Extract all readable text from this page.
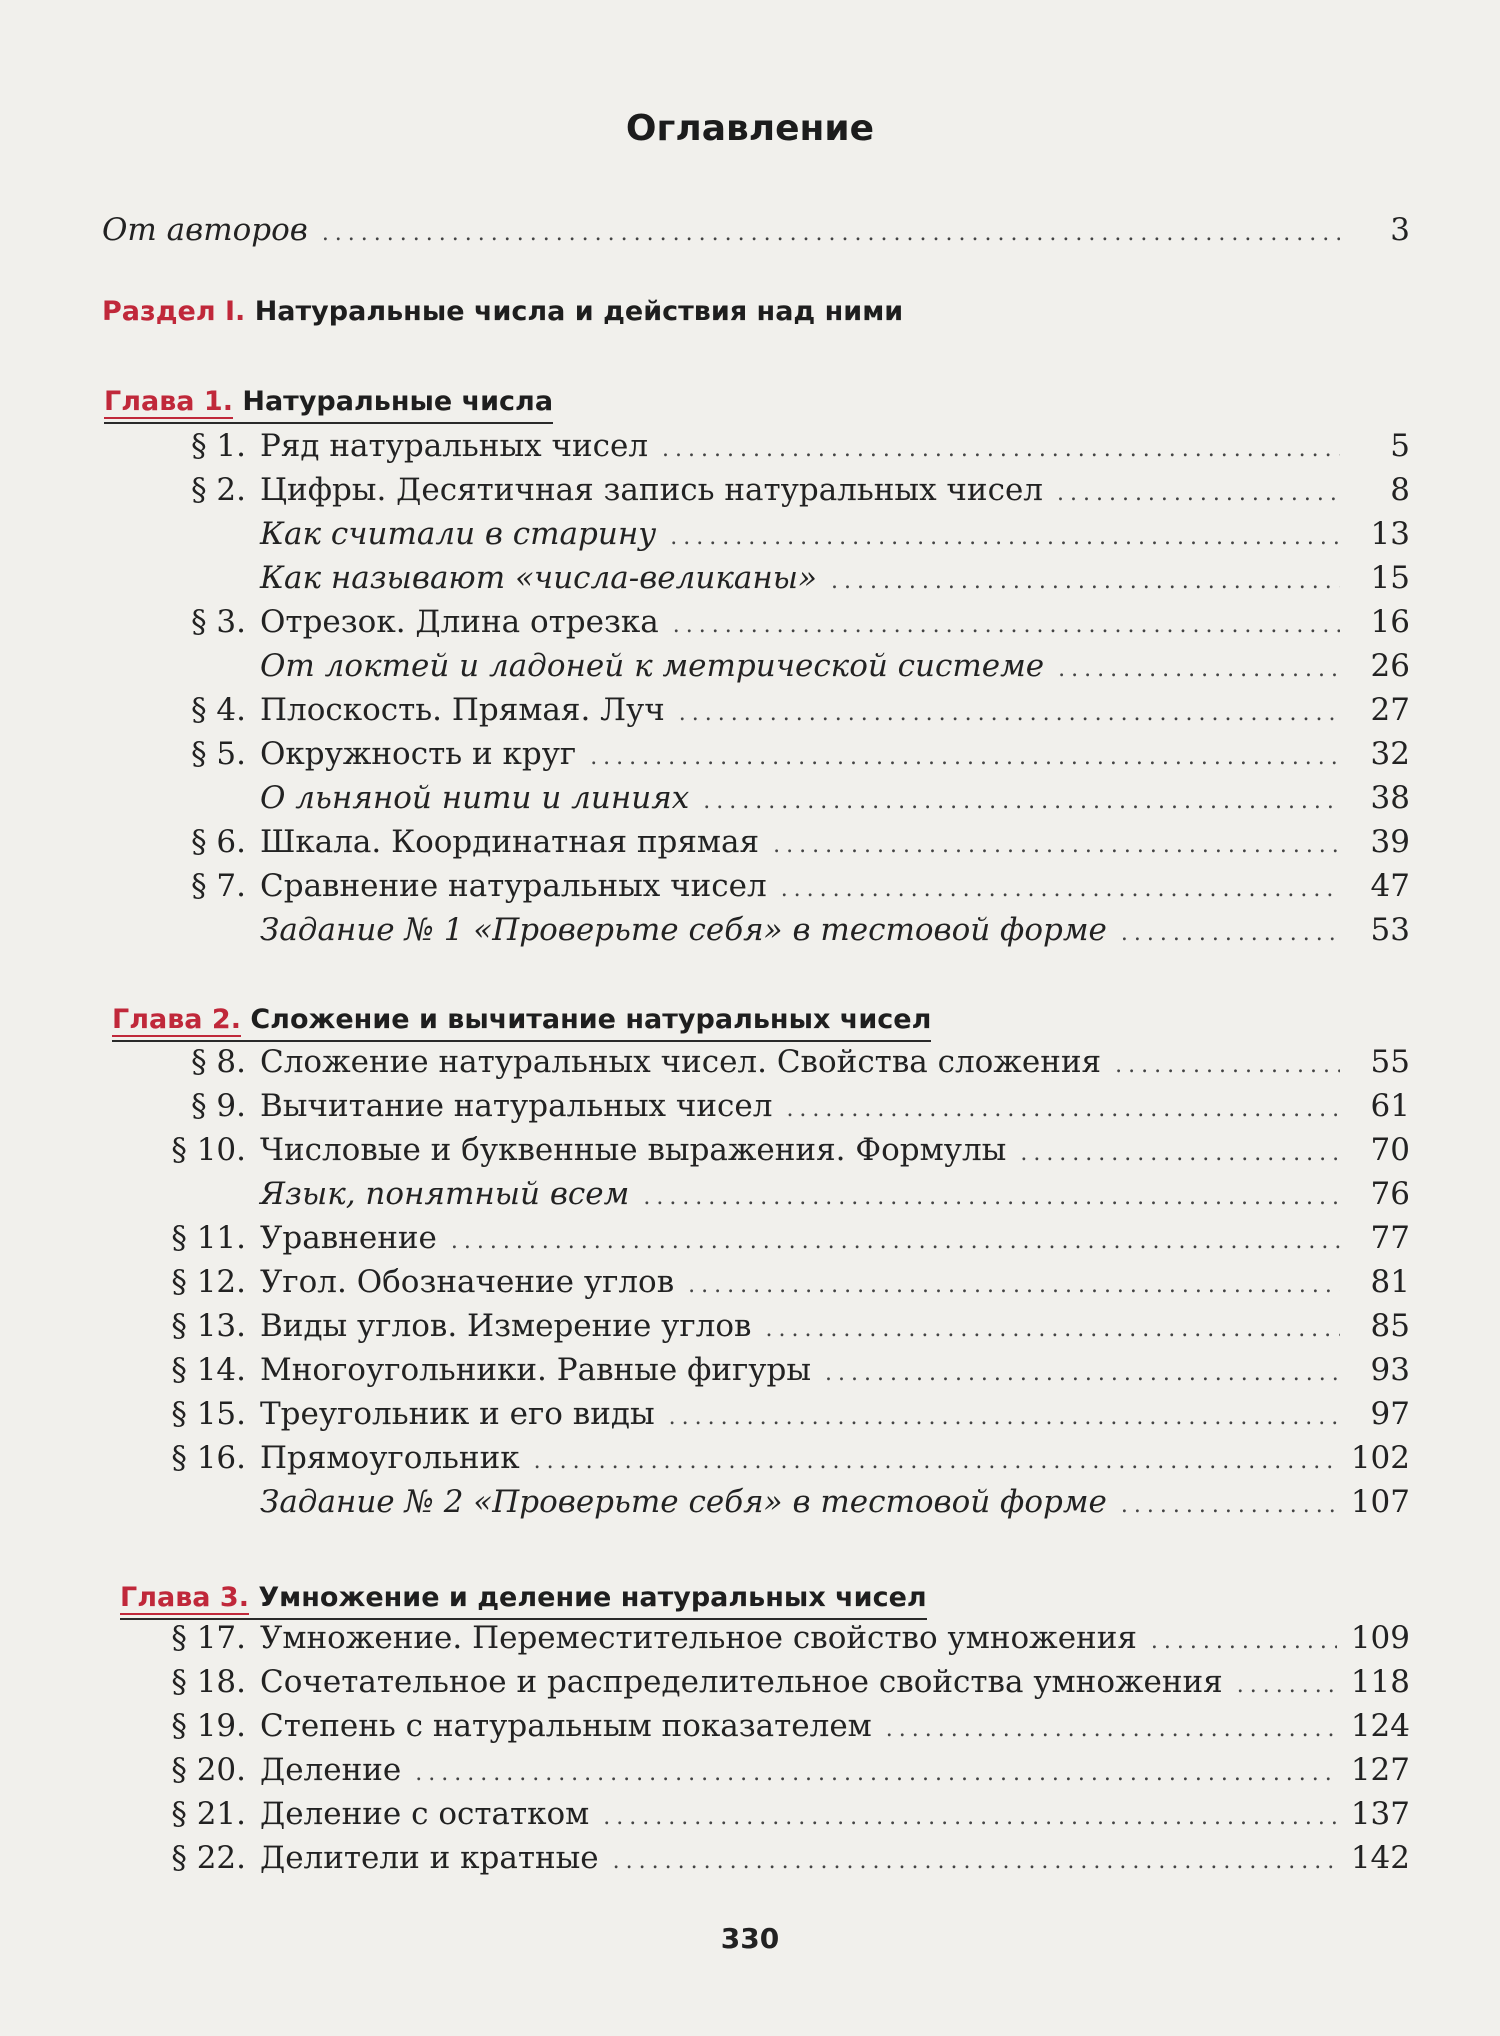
Оглавление
От авторов .....	3
Раздел I. Натуральные числа и действия над ними
Глава 1. Натуральные числа
§ 1. Ряд натуральных чисел .....	5
§ 2. Цифры. Десятичная запись натуральных чисел .....	8
Как считали в старину .....	13
Как называют «числа-великаны» .....	15
§ 3. Отрезок. Длина отрезка .....	16
От локтей и ладоней к метрической системе .....	26
§ 4. Плоскость. Прямая. Луч .....	27
§ 5. Окружность и круг .....	32
О льняной нити и линиях .....	38
§ 6. Шкала. Координатная прямая .....	39
§ 7. Сравнение натуральных чисел .....	47
Задание № 1 «Проверьте себя» в тестовой форме .....	53
Глава 2. Сложение и вычитание натуральных чисел
§ 8. Сложение натуральных чисел. Свойства сложения .....	55
§ 9. Вычитание натуральных чисел .....	61
§ 10. Числовые и буквенные выражения. Формулы .....	70
Язык, понятный всем .....	76
§ 11. Уравнение .....	77
§ 12. Угол. Обозначение углов .....	81
§ 13. Виды углов. Измерение углов .....	85
§ 14. Многоугольники. Равные фигуры .....	93
§ 15. Треугольник и его виды .....	97
§ 16. Прямоугольник .....	102
Задание № 2 «Проверьте себя» в тестовой форме .....	107
Глава 3. Умножение и деление натуральных чисел
§ 17. Умножение. Переместительное свойство умножения .....	109
§ 18. Сочетательное и распределительное свойства умножения .....	118
§ 19. Степень с натуральным показателем .....	124
§ 20. Деление .....	127
§ 21. Деление с остатком .....	137
§ 22. Делители и кратные .....	142
330
